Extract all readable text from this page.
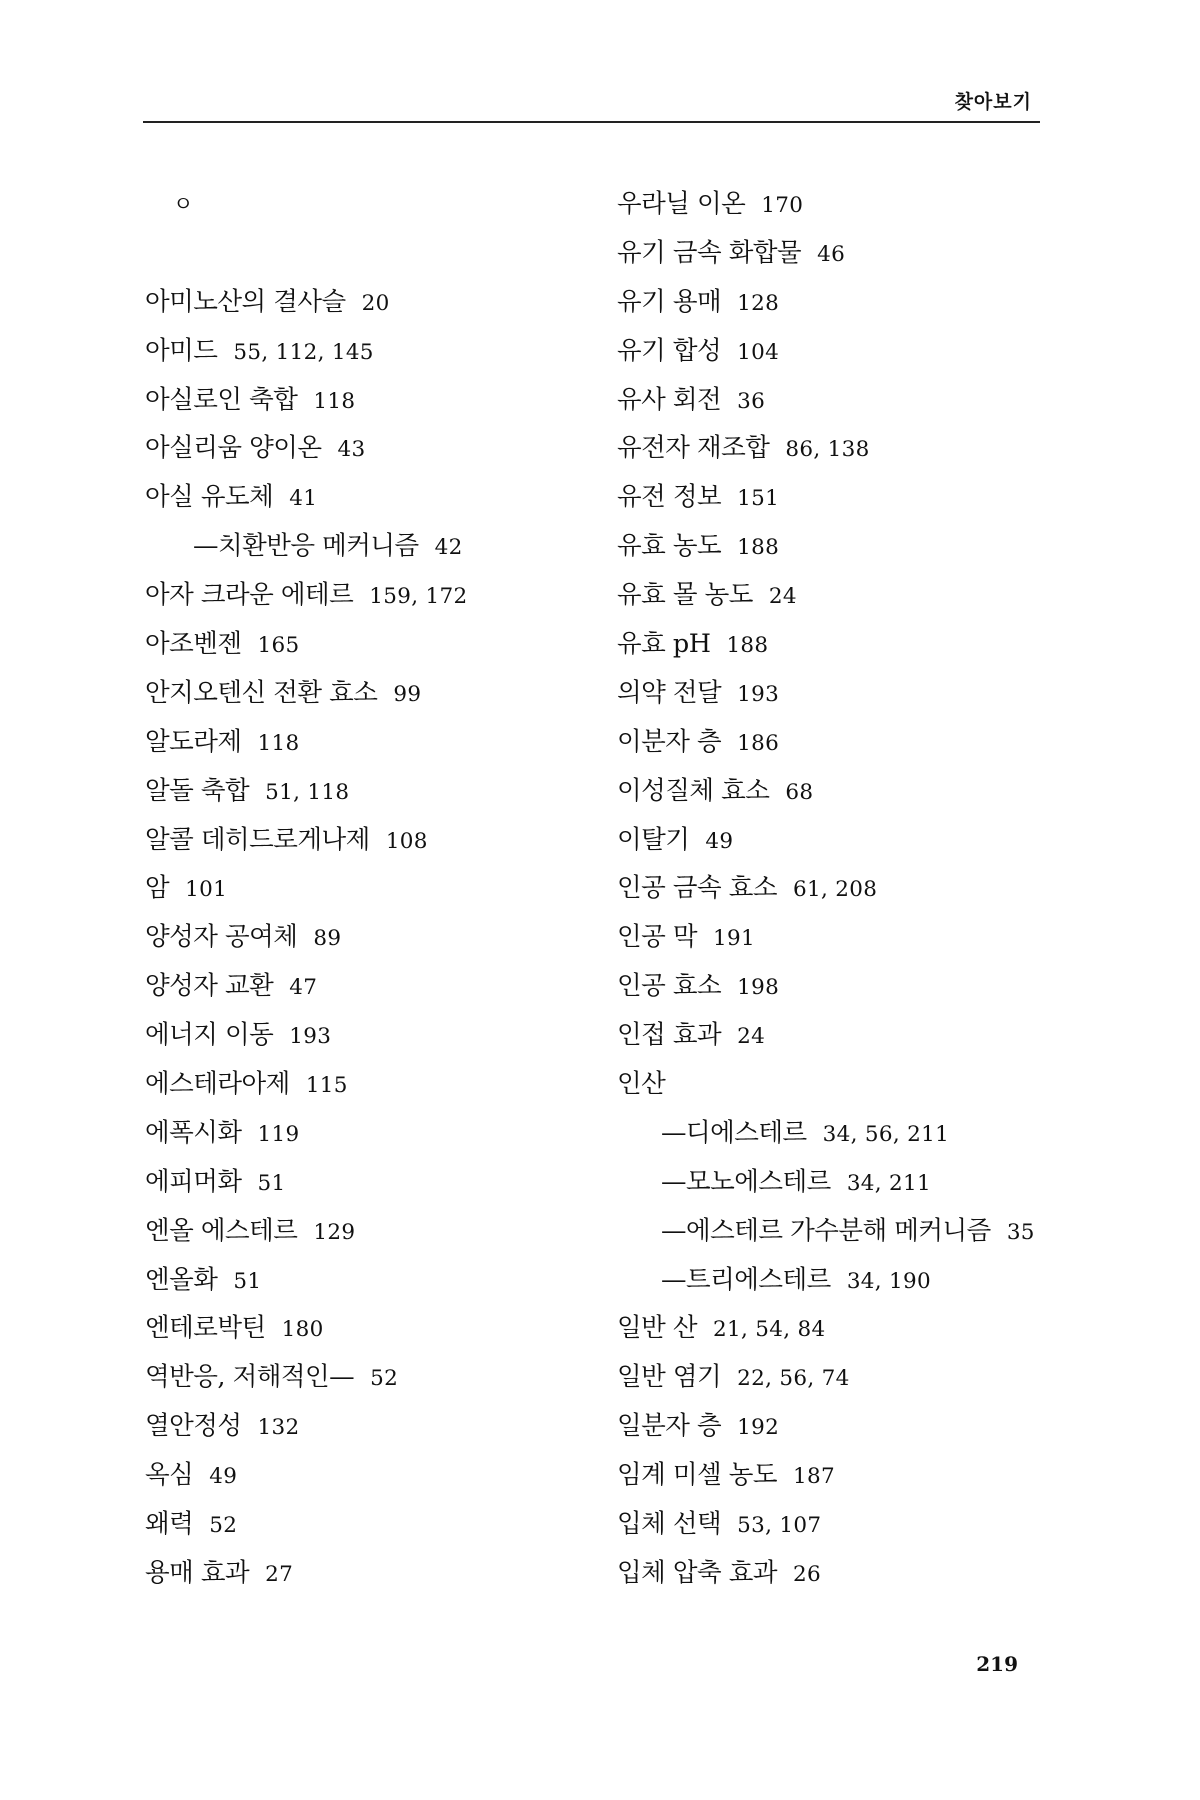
찾아보기
ㅇ
아미노산의 결사슬 20
아미드 55, 112, 145
아실로인 축합 118
아실리움 양이온 43
아실 유도체 41
—치환반응 메커니즘 42
아자 크라운 에테르 159, 172
아조벤젠 165
안지오텐신 전환 효소 99
알도라제 118
알돌 축합 51, 118
알콜 데히드로게나제 108
암 101
양성자 공여체 89
양성자 교환 47
에너지 이동 193
에스테라아제 115
에폭시화 119
에피머화 51
엔올 에스테르 129
엔올화 51
엔테로박틴 180
역반응, 저해적인— 52
열안정성 132
옥심 49
왜력 52
용매 효과 27
우라닐 이온 170
유기 금속 화합물 46
유기 용매 128
유기 합성 104
유사 회전 36
유전자 재조합 86, 138
유전 정보 151
유효 농도 188
유효 몰 농도 24
유효 pH 188
의약 전달 193
이분자 층 186
이성질체 효소 68
이탈기 49
인공 금속 효소 61, 208
인공 막 191
인공 효소 198
인접 효과 24
인산
—디에스테르 34, 56, 211
—모노에스테르 34, 211
—에스테르 가수분해 메커니즘 35
—트리에스테르 34, 190
일반 산 21, 54, 84
일반 염기 22, 56, 74
일분자 층 192
임계 미셀 농도 187
입체 선택 53, 107
입체 압축 효과 26
219
